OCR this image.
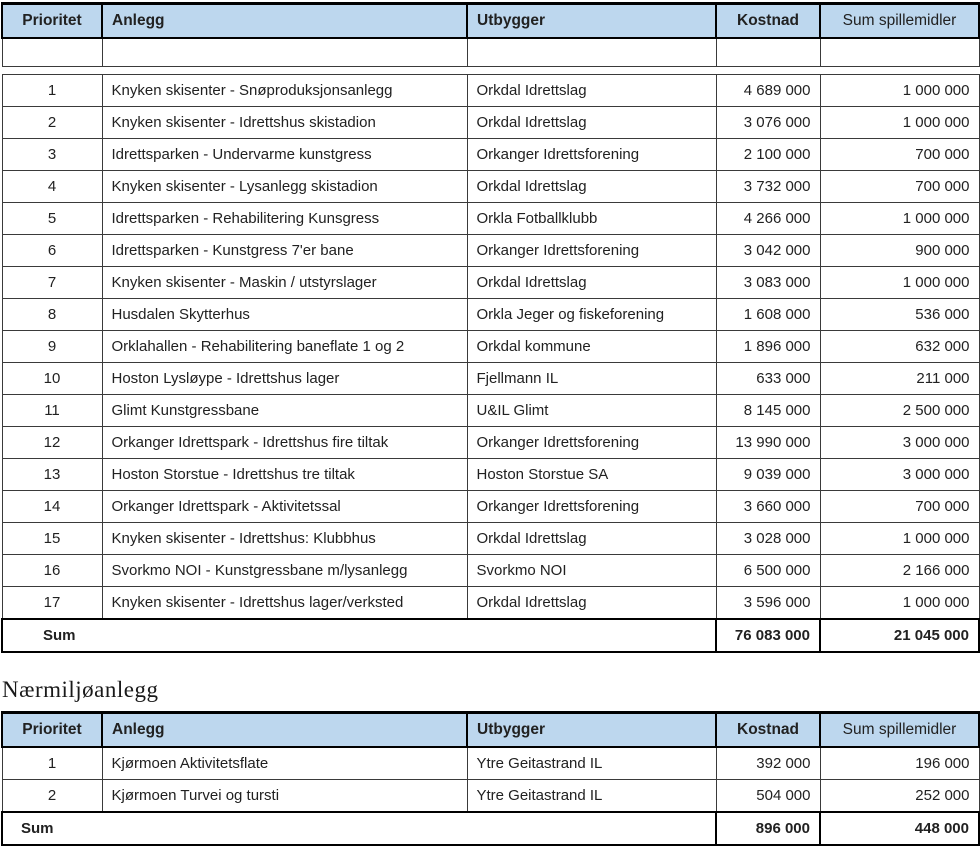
Prioritet	Anlegg	Utbygger	Kostnad	Sum spillemidler

1	Knyken skisenter - Snøproduksjonsanlegg	Orkdal Idrettslag	4 689 000	1 000 000
2	Knyken skisenter - Idrettshus skistadion	Orkdal Idrettslag	3 076 000	1 000 000
3	Idrettsparken - Undervarme kunstgress	Orkanger Idrettsforening	2 100 000	700 000
4	Knyken skisenter - Lysanlegg skistadion	Orkdal Idrettslag	3 732 000	700 000
5	Idrettsparken - Rehabilitering Kunsgress	Orkla Fotballklubb	4 266 000	1 000 000
6	Idrettsparken - Kunstgress 7'er bane	Orkanger Idrettsforening	3 042 000	900 000
7	Knyken skisenter - Maskin / utstyrslager	Orkdal Idrettslag	3 083 000	1 000 000
8	Husdalen Skytterhus	Orkla Jeger og fiskeforening	1 608 000	536 000
9	Orklahallen - Rehabilitering baneflate 1 og 2	Orkdal kommune	1 896 000	632 000
10	Hoston Lysløype - Idrettshus lager	Fjellmann IL	633 000	211 000
11	Glimt Kunstgressbane	U&IL Glimt	8 145 000	2 500 000
12	Orkanger Idrettspark - Idrettshus fire tiltak	Orkanger Idrettsforening	13 990 000	3 000 000
13	Hoston Storstue - Idrettshus tre tiltak	Hoston Storstue SA	9 039 000	3 000 000
14	Orkanger Idrettspark - Aktivitetssal	Orkanger Idrettsforening	3 660 000	700 000
15	Knyken skisenter - Idrettshus: Klubbhus	Orkdal Idrettslag	3 028 000	1 000 000
16	Svorkmo NOI - Kunstgressbane m/lysanlegg	Svorkmo NOI	6 500 000	2 166 000
17	Knyken skisenter - Idrettshus lager/verksted	Orkdal Idrettslag	3 596 000	1 000 000
Sum			76 083 000	21 045 000
Nærmiljøanlegg
Prioritet	Anlegg	Utbygger	Kostnad	Sum spillemidler
1	Kjørmoen Aktivitetsflate	Ytre Geitastrand IL	392 000	196 000
2	Kjørmoen Turvei og tursti	Ytre Geitastrand IL	504 000	252 000
Sum			896 000	448 000
